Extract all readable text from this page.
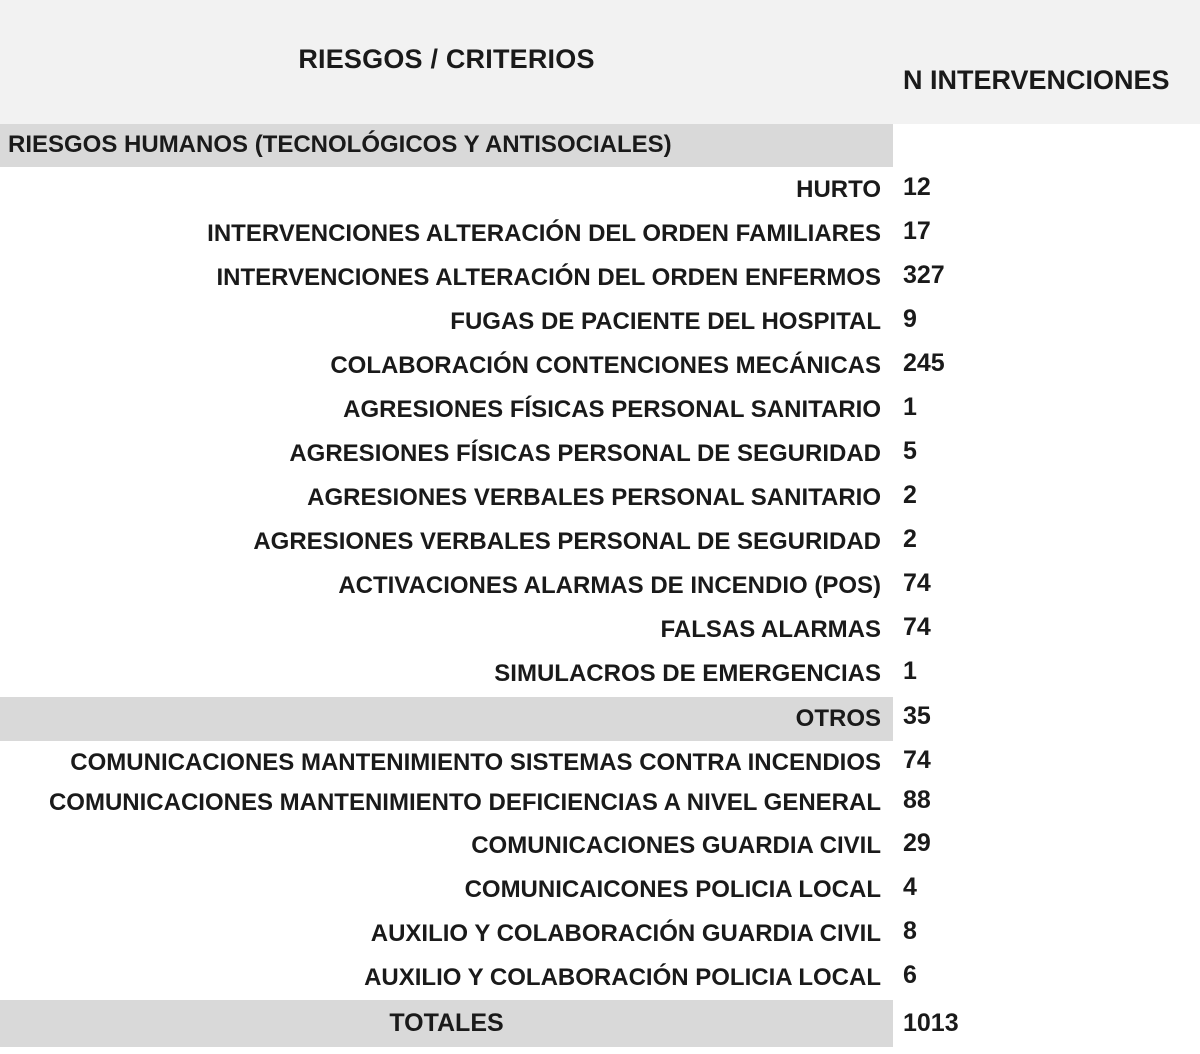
RIESGOS / CRITERIOS
N INTERVENCIONES
RIESGOS HUMANOS (TECNOLÓGICOS Y ANTISOCIALES)
HURTO 12
INTERVENCIONES ALTERACIÓN DEL ORDEN FAMILIARES 17
INTERVENCIONES ALTERACIÓN DEL ORDEN ENFERMOS 327
FUGAS DE PACIENTE DEL HOSPITAL 9
COLABORACIÓN CONTENCIONES MECÁNICAS 245
AGRESIONES FÍSICAS PERSONAL SANITARIO 1
AGRESIONES FÍSICAS PERSONAL DE SEGURIDAD 5
AGRESIONES VERBALES PERSONAL SANITARIO 2
AGRESIONES VERBALES PERSONAL DE SEGURIDAD 2
ACTIVACIONES ALARMAS DE INCENDIO (POS) 74
FALSAS ALARMAS 74
SIMULACROS DE EMERGENCIAS 1
OTROS 35
COMUNICACIONES MANTENIMIENTO SISTEMAS CONTRA INCENDIOS 74
COMUNICACIONES MANTENIMIENTO DEFICIENCIAS A NIVEL GENERAL 88
COMUNICACIONES GUARDIA CIVIL 29
COMUNICAICONES POLICIA LOCAL 4
AUXILIO Y COLABORACIÓN GUARDIA CIVIL 8
AUXILIO Y COLABORACIÓN POLICIA LOCAL 6
TOTALES	1013
